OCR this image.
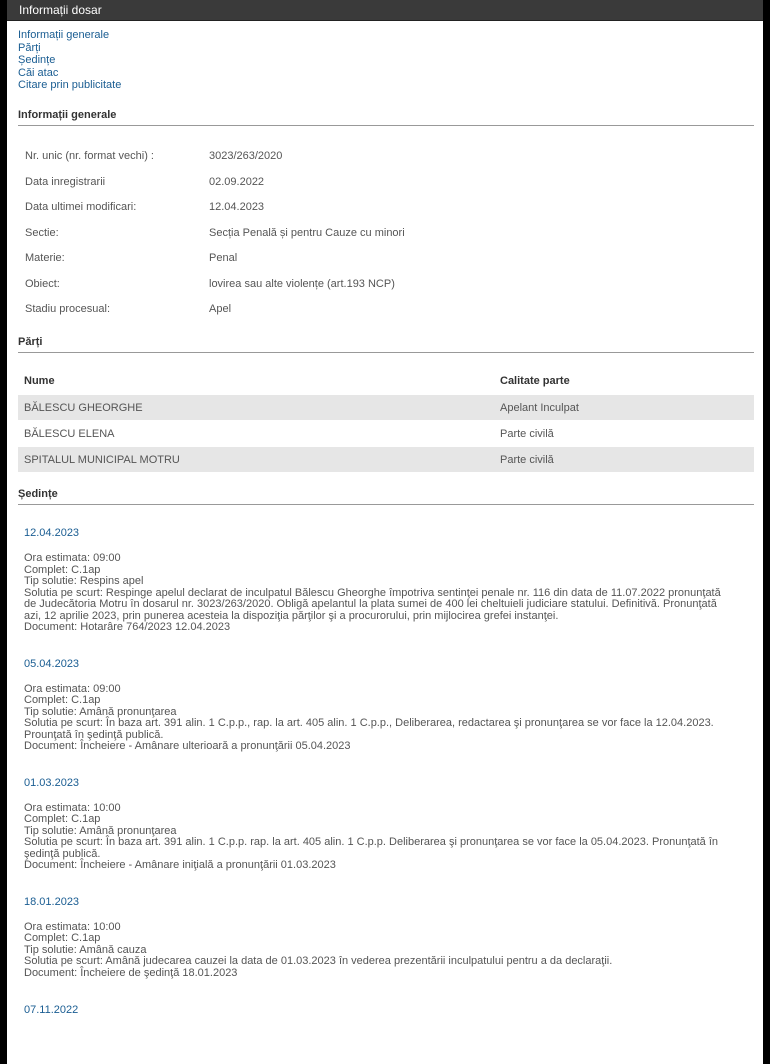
Informații dosar
Informații generale
Părți
Ședințe
Căi atac
Citare prin publicitate
Informații generale
Nr. unic (nr. format vechi) :	3023/263/2020
Data inregistrarii	02.09.2022
Data ultimei modificari:	12.04.2023
Sectie:	Secția Penală și pentru Cauze cu minori
Materie:	Penal
Obiect:	lovirea sau alte violențe (art.193 NCP)
Stadiu procesual:	Apel
Părți
Nume	Calitate parte
BĂLESCU GHEORGHE	Apelant Inculpat
BĂLESCU ELENA	Parte civilă
SPITALUL MUNICIPAL MOTRU	Parte civilă
Ședințe
12.04.2023
Ora estimata: 09:00
Complet: C.1ap
Tip solutie: Respins apel
Solutia pe scurt: Respinge apelul declarat de inculpatul Bălescu Gheorghe împotriva sentinţei penale nr. 116 din data de 11.07.2022 pronunţată
de Judecătoria Motru în dosarul nr. 3023/263/2020. Obligă apelantul la plata sumei de 400 lei cheltuieli judiciare statului. Definitivă. Pronunţată
azi, 12 aprilie 2023, prin punerea acesteia la dispoziţia părţilor şi a procurorului, prin mijlocirea grefei instanţei.
Document: Hotarâre 764/2023 12.04.2023
05.04.2023
Ora estimata: 09:00
Complet: C.1ap
Tip solutie: Amână pronunţarea
Solutia pe scurt: În baza art. 391 alin. 1 C.p.p., rap. la art. 405 alin. 1 C.p.p., Deliberarea, redactarea şi pronunţarea se vor face la 12.04.2023.
Prounţată în şedinţă publică.
Document: Încheiere - Amânare ulterioară a pronunţării 05.04.2023
01.03.2023
Ora estimata: 10:00
Complet: C.1ap
Tip solutie: Amână pronunţarea
Solutia pe scurt: În baza art. 391 alin. 1 C.p.p. rap. la art. 405 alin. 1 C.p.p. Deliberarea şi pronunţarea se vor face la 05.04.2023. Pronunţată în
şedinţă publică.
Document: Încheiere - Amânare iniţială a pronunţării 01.03.2023
18.01.2023
Ora estimata: 10:00
Complet: C.1ap
Tip solutie: Amână cauza
Solutia pe scurt: Amână judecarea cauzei la data de 01.03.2023 în vederea prezentării inculpatului pentru a da declaraţii.
Document: Încheiere de şedinţă 18.01.2023
07.11.2022
